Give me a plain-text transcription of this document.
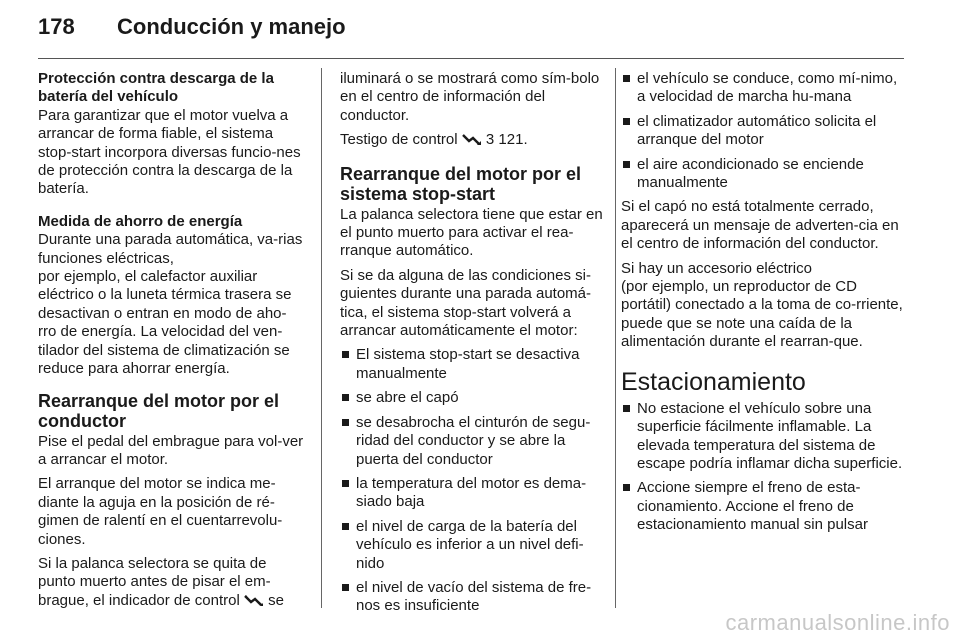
178 Conducción y manejo

Protección contra descarga de la batería del vehículo

Para garantizar que el motor vuelva a arrancar de forma fiable, el sistema stop-start incorpora diversas funcio-nes de protección contra la descarga de la batería.

Medida de ahorro de energía

Durante una parada automática, va-rias funciones eléctricas,

por ejemplo, el calefactor auxiliar eléctrico o la luneta térmica trasera se desactivan o entran en modo de aho-rro de energía. La velocidad del ven-tilador del sistema de climatización se reduce para ahorrar energía.

Rearranque del motor por el conductor

Pise el pedal del embrague para vol-ver a arrancar el motor.

El arranque del motor se indica me-diante la aguja en la posición de ré-gimen de ralentí en el cuentarrevolu-ciones.

Si la palanca selectora se quita de punto muerto antes de pisar el em-brague, el indicador de control se

iluminará o se mostrará como sím-bolo en el centro de información del conductor.

Testigo de control 3 121.

Rearranque del motor por el sistema stop-start

La palanca selectora tiene que estar en el punto muerto para activar el rea-rranque automático.

Si se da alguna de las condiciones si-guientes durante una parada automá-tica, el sistema stop-start volverá a arrancar automáticamente el motor:

El sistema stop-start se desactiva manualmente
se abre el capó
se desabrocha el cinturón de segu-ridad del conductor y se abre la puerta del conductor
la temperatura del motor es dema-siado baja
el nivel de carga de la batería del vehículo es inferior a un nivel defi-nido
el nivel de vacío del sistema de fre-nos es insuficiente
el vehículo se conduce, como mí-nimo, a velocidad de marcha hu-mana
el climatizador automático solicita el arranque del motor
el aire acondicionado se enciende manualmente

Si el capó no está totalmente cerrado, aparecerá un mensaje de adverten-cia en el centro de información del conductor.

Si hay un accesorio eléctrico

(por ejemplo, un reproductor de CD portátil) conectado a la toma de co-rriente, puede que se note una caída de la alimentación durante el rearran-que.

Estacionamiento
No estacione el vehículo sobre una superficie fácilmente inflamable. La elevada temperatura del sistema de escape podría inflamar dicha superficie.
Accione siempre el freno de esta-cionamiento. Accione el freno de estacionamiento manual sin pulsar
carmanualsonline.info
